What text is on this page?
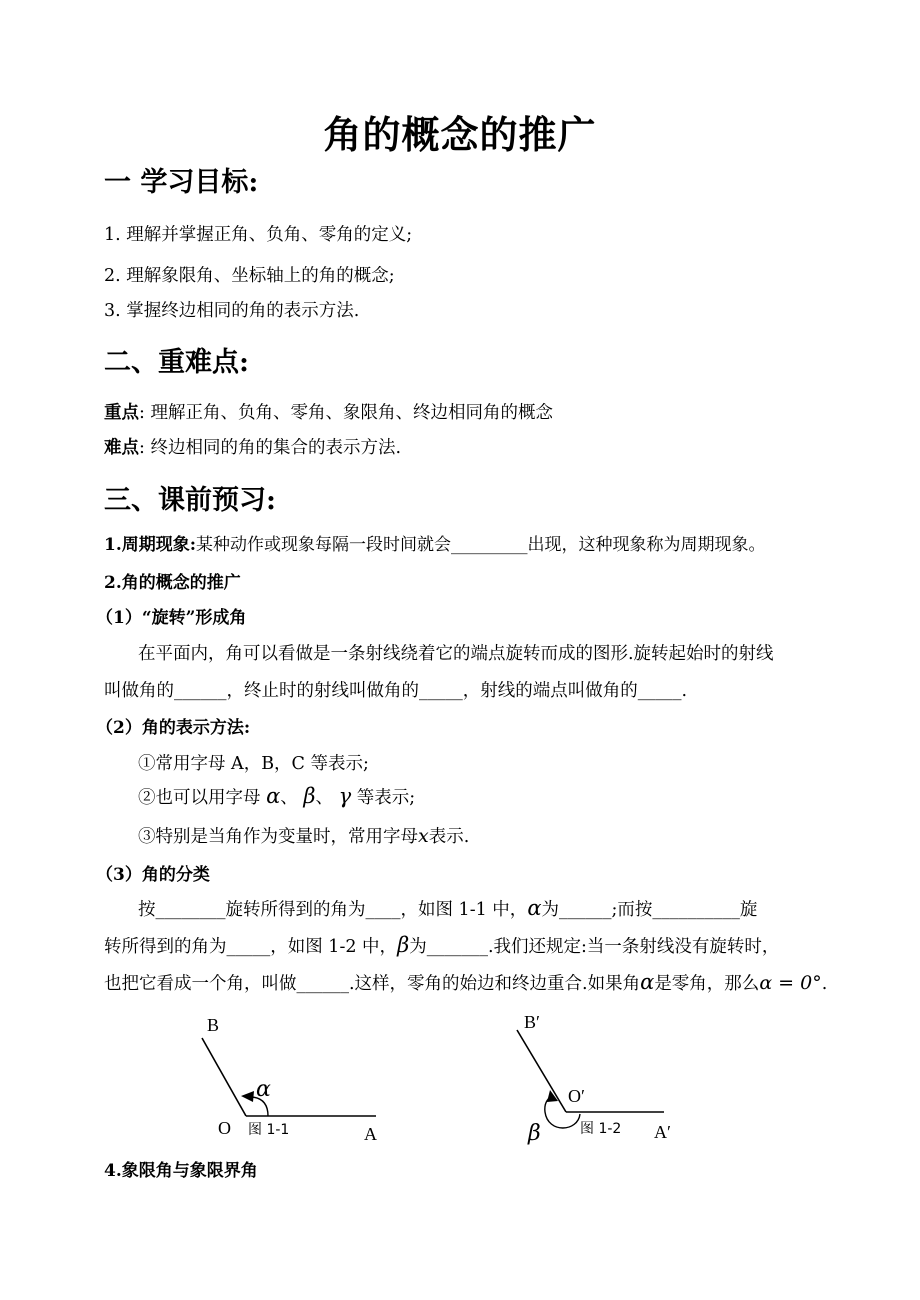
角的概念的推广
一 学习目标:
1. 理解并掌握正角、负角、零角的定义;
2. 理解象限角、坐标轴上的角的概念;
3. 掌握终边相同的角的表示方法.
二、重难点:
重点: 理解正角、负角、零角、象限角、终边相同角的概念
难点: 终边相同的角的集合的表示方法.
三、课前预习:
1.周期现象:某种动作或现象每隔一段时间就会_________出现，这种现象称为周期现象。
2.角的概念的推广
（1）“旋转”形成角
在平面内，角可以看做是一条射线绕着它的端点旋转而成的图形.旋转起始时的射线
叫做角的______，终止时的射线叫做角的_____，射线的端点叫做角的_____.
（2）角的表示方法:
①常用字母 A，B，C 等表示;
②也可以用字母 α、 β、 γ 等表示;
③特别是当角作为变量时，常用字母x表示.
（3）角的分类
按________旋转所得到的角为____，如图 1-1 中，α为______;而按__________旋
转所得到的角为_____，如图 1-2 中，β为_______.我们还规定:当一条射线没有旋转时，
也把它看成一个角，叫做______.这样，零角的始边和终边重合.如果角α是零角，那么α = 0°.
B
O	A
α
图 1-1
B′
O′
A′
β	图 1-2
4.象限角与象限界角
